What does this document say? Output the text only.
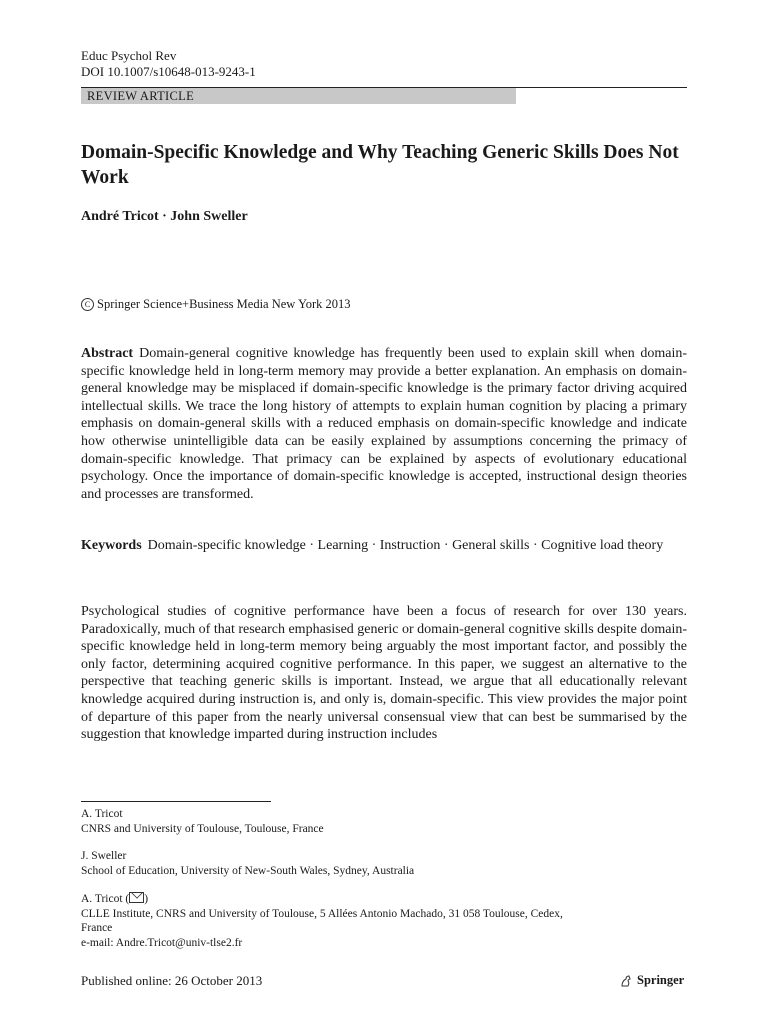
Educ Psychol Rev
DOI 10.1007/s10648-013-9243-1
REVIEW ARTICLE
Domain-Specific Knowledge and Why Teaching Generic Skills Does Not Work
André Tricot · John Sweller
C Springer Science+Business Media New York 2013
Abstract Domain-general cognitive knowledge has frequently been used to explain skill when domain-specific knowledge held in long-term memory may provide a better explanation. An emphasis on domain-general knowledge may be misplaced if domain-specific knowledge is the primary factor driving acquired intellectual skills. We trace the long history of attempts to explain human cognition by placing a primary emphasis on domain-general skills with a reduced emphasis on domain-specific knowledge and indicate how otherwise unintelligible data can be easily explained by assumptions concerning the primacy of domain-specific knowledge. That primacy can be explained by aspects of evolutionary educational psychology. Once the importance of domain-specific knowledge is accepted, instructional design theories and processes are transformed.
Keywords Domain-specific knowledge · Learning · Instruction · General skills · Cognitive load theory
Psychological studies of cognitive performance have been a focus of research for over 130 years. Paradoxically, much of that research emphasised generic or domain-general cognitive skills despite domain-specific knowledge held in long-term memory being arguably the most important factor, and possibly the only factor, determining acquired cognitive performance. In this paper, we suggest an alternative to the perspective that teaching generic skills is important. Instead, we argue that all educationally relevant knowledge acquired during instruction is, and only is, domain-specific. This view provides the major point of departure of this paper from the nearly universal consensual view that can best be summarised by the suggestion that knowledge imparted during instruction includes
A. Tricot
CNRS and University of Toulouse, Toulouse, France
J. Sweller
School of Education, University of New-South Wales, Sydney, Australia
A. Tricot ( )
CLLE Institute, CNRS and University of Toulouse, 5 Allées Antonio Machado, 31 058 Toulouse, Cedex,
France
e-mail: Andre.Tricot@univ-tlse2.fr
Published online: 26 October 2013	Springer
